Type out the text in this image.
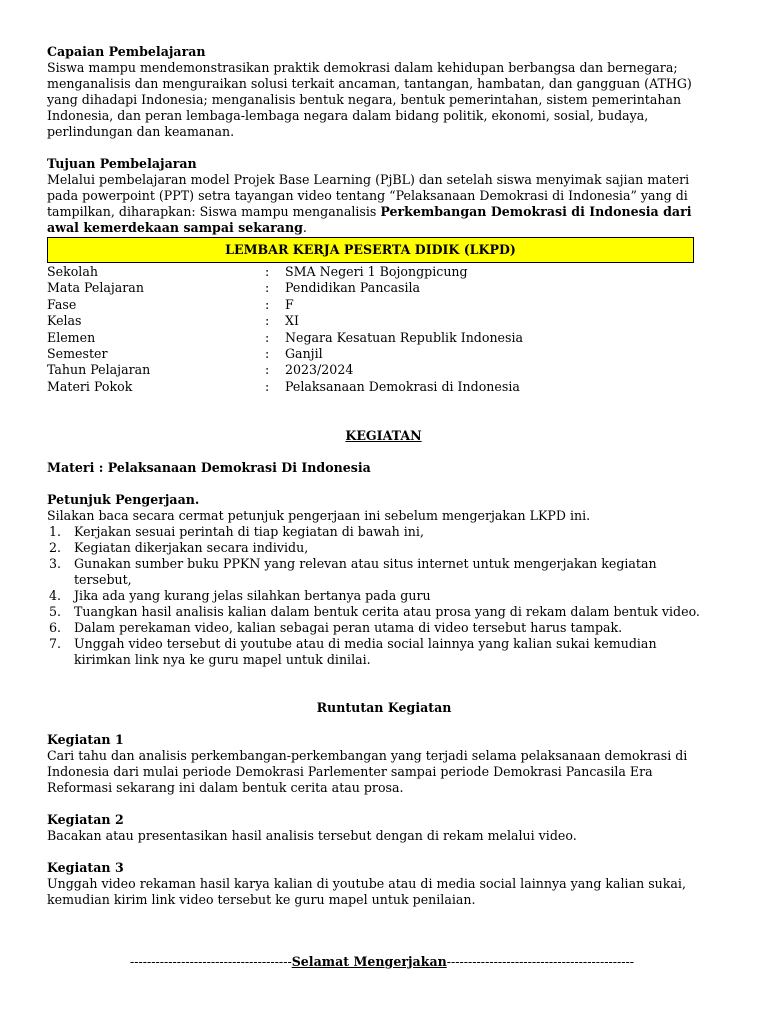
Capaian Pembelajaran

Siswa mampu mendemonstrasikan praktik demokrasi dalam kehidupan berbangsa dan bernegara; menganalisis dan menguraikan solusi terkait ancaman, tantangan, hambatan, dan gangguan (ATHG) yang dihadapi Indonesia; menganalisis bentuk negara, bentuk pemerintahan, sistem pemerintahan Indonesia, dan peran lembaga-lembaga negara dalam bidang politik, ekonomi, sosial, budaya, perlindungan dan keamanan.

Tujuan Pembelajaran

Melalui pembelajaran model Projek Base Learning (PjBL) dan setelah siswa menyimak sajian materi pada powerpoint (PPT) setra tayangan video tentang “Pelaksanaan Demokrasi di Indonesia” yang di tampilkan, diharapkan: Siswa mampu menganalisis Perkembangan Demokrasi di Indonesia dari awal kemerdekaan sampai sekarang.

LEMBAR KERJA PESERTA DIDIK (LKPD)
Sekolah	:	SMA Negeri 1 Bojongpicung
Mata Pelajaran	:	Pendidikan Pancasila
Fase	:	F
Kelas	:	XI
Elemen	:	Negara Kesatuan Republik Indonesia
Semester	:	Ganjil
Tahun Pelajaran	:	2023/2024
Materi Pokok	:	Pelaksanaan Demokrasi di Indonesia

KEGIATAN

Materi : Pelaksanaan Demokrasi Di Indonesia

Petunjuk Pengerjaan.

Silakan baca secara cermat petunjuk pengerjaan ini sebelum mengerjakan LKPD ini.

1.	Kerjakan sesuai perintah di tiap kegiatan di bawah ini,
2.	Kegiatan dikerjakan secara individu,
3.	Gunakan sumber buku PPKN yang relevan atau situs internet untuk mengerjakan kegiatan tersebut,
4.	Jika ada yang kurang jelas silahkan bertanya pada guru
5.	Tuangkan hasil analisis kalian dalam bentuk cerita atau prosa yang di rekam dalam bentuk video.
6.	Dalam perekaman video, kalian sebagai peran utama di video tersebut harus tampak.
7.	Unggah video tersebut di youtube atau di media social lainnya yang kalian sukai kemudian kirimkan link nya ke guru mapel untuk dinilai.

Runtutan Kegiatan

Kegiatan 1

Cari tahu dan analisis perkembangan-perkembangan yang terjadi selama pelaksanaan demokrasi di Indonesia dari mulai periode Demokrasi Parlementer sampai periode Demokrasi Pancasila Era Reformasi sekarang ini dalam bentuk cerita atau prosa.

Kegiatan 2

Bacakan atau presentasikan hasil analisis tersebut dengan di rekam melalui video.

Kegiatan 3

Unggah video rekaman hasil karya kalian di youtube atau di media social lainnya yang kalian sukai, kemudian kirim link video tersebut ke guru mapel untuk penilaian.

--------------------------------------Selamat Mengerjakan--------------------------------------------
